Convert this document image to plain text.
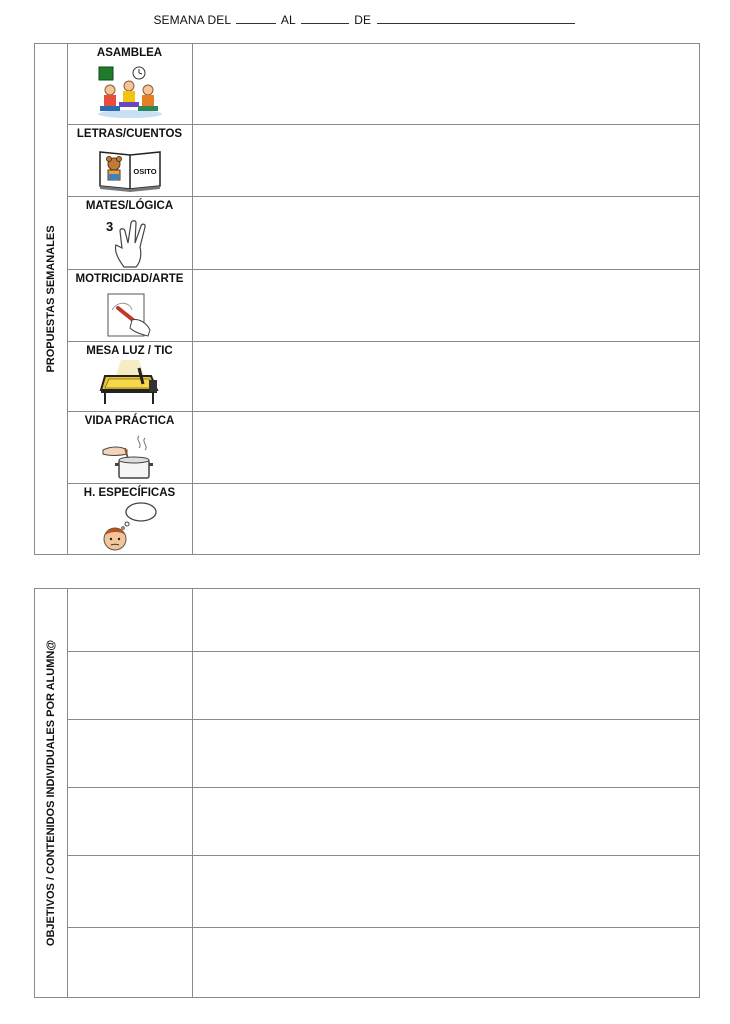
SEMANA DEL	AL	DE
PROPUESTAS SEMANALES
ASAMBLEA
LETRAS/CUENTOS
OSITO
MATES/LÓGICA
3
MOTRICIDAD/ARTE
MESA LUZ / TIC
VIDA PRÁCTICA
H. ESPECÍFICAS
OBJETIVOS / CONTENIDOS INDIVIDUALES POR ALUMN@
